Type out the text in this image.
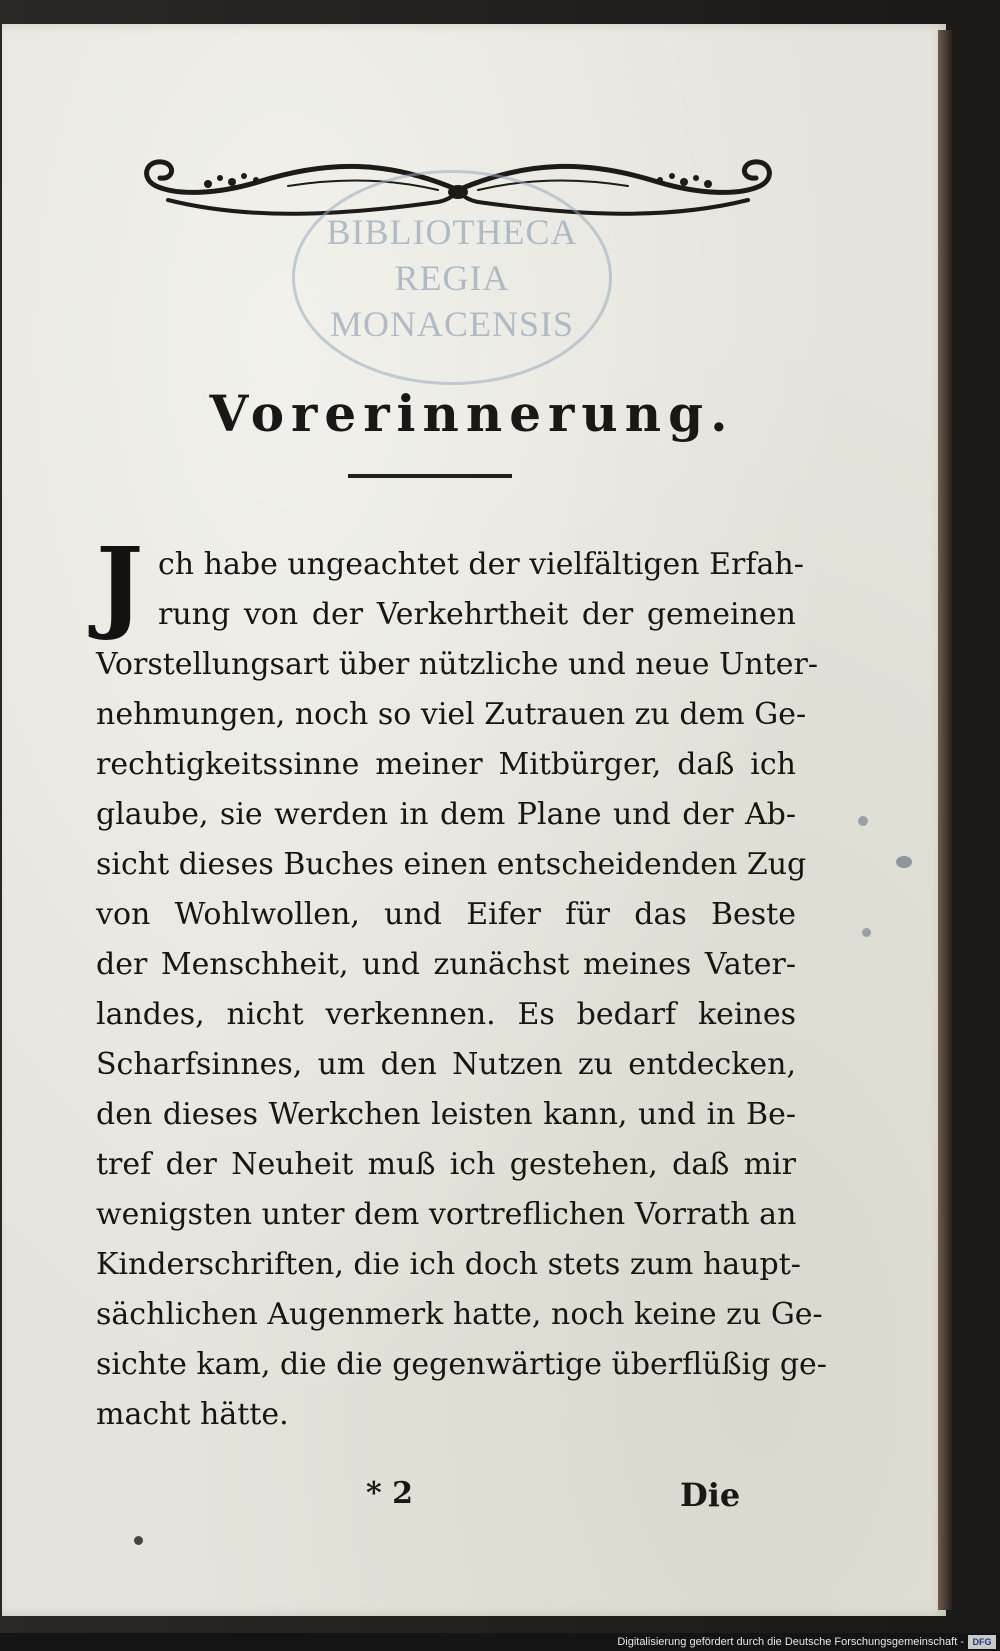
BIBLIOTHECA
REGIA
MONACENSIS
Vorerinnerung.
J ch habe ungeachtet der vielfältigen Erfah-
rung von der Verkehrtheit der gemeinen
Vorstellungsart über nützliche und neue Unter-
nehmungen, noch so viel Zutrauen zu dem Ge-
rechtigkeitssinne meiner Mitbürger, daß ich
glaube, sie werden in dem Plane und der Ab-
sicht dieses Buches einen entscheidenden Zug
von Wohlwollen, und Eifer für das Beste
der Menschheit, und zunächst meines Vater-
landes, nicht verkennen. Es bedarf keines
Scharfsinnes, um den Nutzen zu entdecken,
den dieses Werkchen leisten kann, und in Be-
tref der Neuheit muß ich gestehen, daß mir
wenigsten unter dem vortreflichen Vorrath an
Kinderschriften, die ich doch stets zum haupt-
sächlichen Augenmerk hatte, noch keine zu Ge-
sichte kam, die die gegenwärtige überflüßig ge-
macht hätte.
* 2	Die
Digitalisierung gefördert durch die Deutsche Forschungsgemeinschaft - DFG
